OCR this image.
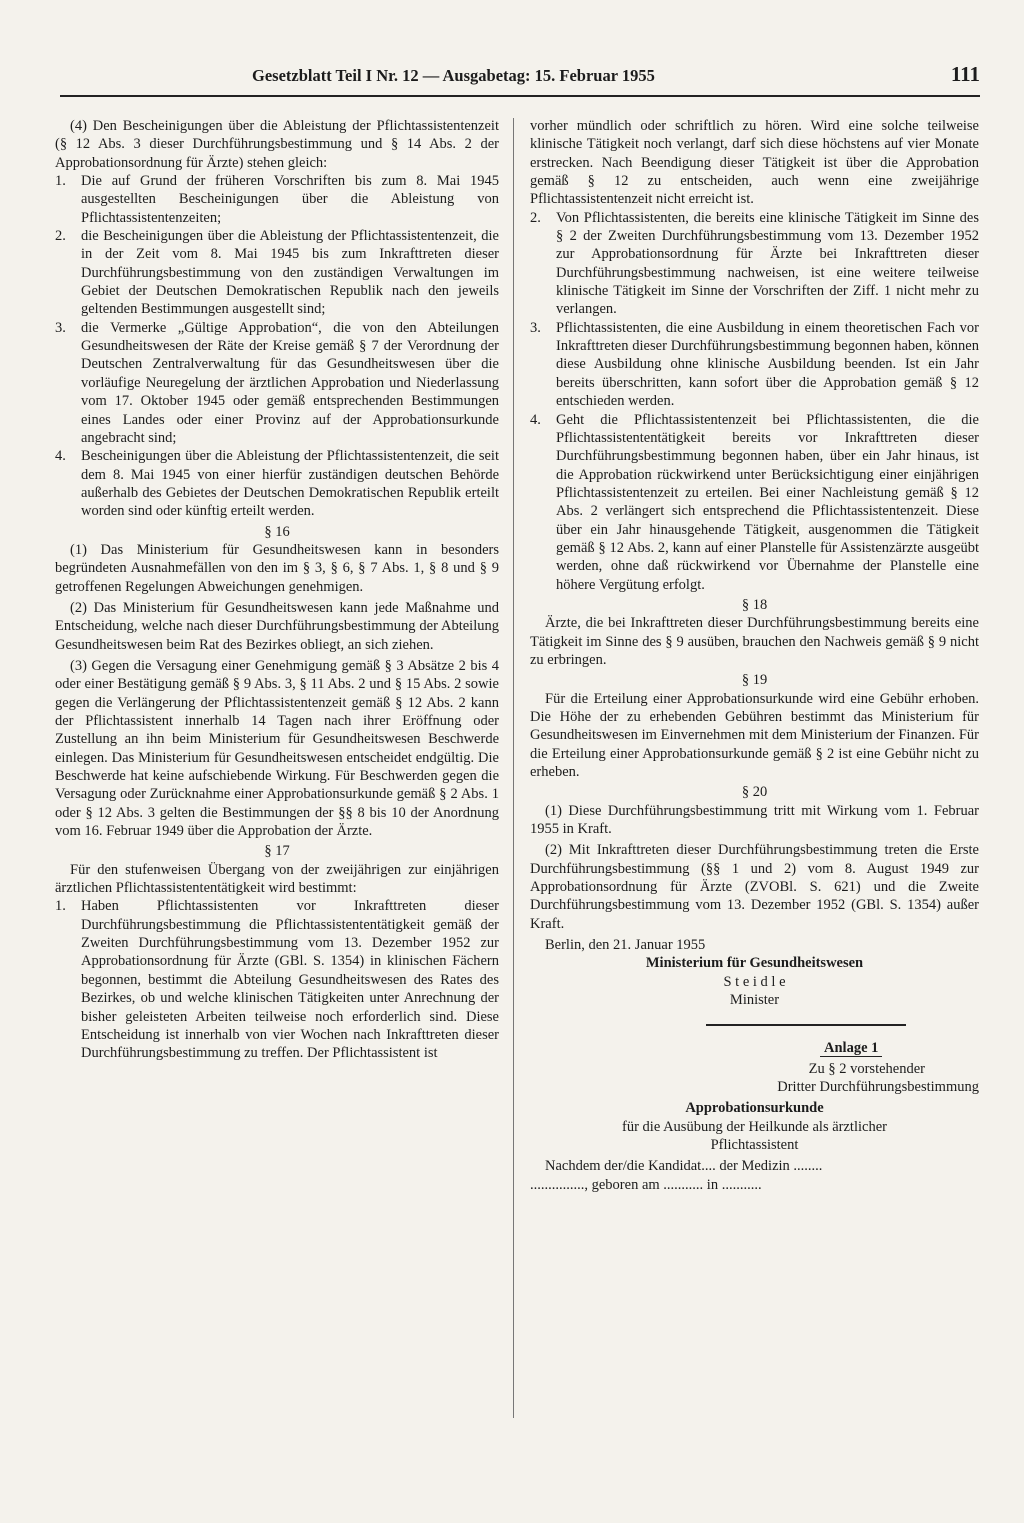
Gesetzblatt Teil I Nr. 12 — Ausgabetag: 15. Februar 1955	111

(4) Den Bescheinigungen über die Ableistung der Pflichtassistentenzeit (§ 12 Abs. 3 dieser Durchführungsbestimmung und § 14 Abs. 2 der Approbationsordnung für Ärzte) stehen gleich:

1. Die auf Grund der früheren Vorschriften bis zum 8. Mai 1945 ausgestellten Bescheinigungen über die Ableistung von Pflichtassistentenzeiten;

2. die Bescheinigungen über die Ableistung der Pflichtassistentenzeit, die in der Zeit vom 8. Mai 1945 bis zum Inkrafttreten dieser Durchführungsbestimmung von den zuständigen Verwaltungen im Gebiet der Deutschen Demokratischen Republik nach den jeweils geltenden Bestimmungen ausgestellt sind;

3. die Vermerke „Gültige Approbation“, die von den Abteilungen Gesundheitswesen der Räte der Kreise gemäß § 7 der Verordnung der Deutschen Zentralverwaltung für das Gesundheitswesen über die vorläufige Neuregelung der ärztlichen Approbation und Niederlassung vom 17. Oktober 1945 oder gemäß entsprechenden Bestimmungen eines Landes oder einer Provinz auf der Approbationsurkunde angebracht sind;

4. Bescheinigungen über die Ableistung der Pflichtassistentenzeit, die seit dem 8. Mai 1945 von einer hierfür zuständigen deutschen Behörde außerhalb des Gebietes der Deutschen Demokratischen Republik erteilt worden sind oder künftig erteilt werden.

§ 16

(1) Das Ministerium für Gesundheitswesen kann in besonders begründeten Ausnahmefällen von den im § 3, § 6, § 7 Abs. 1, § 8 und § 9 getroffenen Regelungen Abweichungen genehmigen.

(2) Das Ministerium für Gesundheitswesen kann jede Maßnahme und Entscheidung, welche nach dieser Durchführungsbestimmung der Abteilung Gesundheitswesen beim Rat des Bezirkes obliegt, an sich ziehen.

(3) Gegen die Versagung einer Genehmigung gemäß § 3 Absätze 2 bis 4 oder einer Bestätigung gemäß § 9 Abs. 3, § 11 Abs. 2 und § 15 Abs. 2 sowie gegen die Verlängerung der Pflichtassistentenzeit gemäß § 12 Abs. 2 kann der Pflichtassistent innerhalb 14 Tagen nach ihrer Eröffnung oder Zustellung an ihn beim Ministerium für Gesundheitswesen Beschwerde einlegen. Das Ministerium für Gesundheitswesen entscheidet endgültig. Die Beschwerde hat keine aufschiebende Wirkung. Für Beschwerden gegen die Versagung oder Zurücknahme einer Approbationsurkunde gemäß § 2 Abs. 1 oder § 12 Abs. 3 gelten die Bestimmungen der §§ 8 bis 10 der Anordnung vom 16. Februar 1949 über die Approbation der Ärzte.

§ 17

Für den stufenweisen Übergang von der zweijährigen zur einjährigen ärztlichen Pflichtassistententätigkeit wird bestimmt:

1. Haben Pflichtassistenten vor Inkrafttreten dieser Durchführungsbestimmung die Pflichtassistententätigkeit gemäß der Zweiten Durchführungsbestimmung vom 13. Dezember 1952 zur Approbationsordnung für Ärzte (GBl. S. 1354) in klinischen Fächern begonnen, bestimmt die Abteilung Gesundheitswesen des Rates des Bezirkes, ob und welche klinischen Tätigkeiten unter Anrechnung der bisher geleisteten Arbeiten teilweise noch erforderlich sind. Diese Entscheidung ist innerhalb von vier Wochen nach Inkrafttreten dieser Durchführungsbestimmung zu treffen. Der Pflichtassistent ist

vorher mündlich oder schriftlich zu hören. Wird eine solche teilweise klinische Tätigkeit noch verlangt, darf sich diese höchstens auf vier Monate erstrecken. Nach Beendigung dieser Tätigkeit ist über die Approbation gemäß § 12 zu entscheiden, auch wenn eine zweijährige Pflichtassistentenzeit nicht erreicht ist.

2. Von Pflichtassistenten, die bereits eine klinische Tätigkeit im Sinne des § 2 der Zweiten Durchführungsbestimmung vom 13. Dezember 1952 zur Approbationsordnung für Ärzte bei Inkrafttreten dieser Durchführungsbestimmung nachweisen, ist eine weitere teilweise klinische Tätigkeit im Sinne der Vorschriften der Ziff. 1 nicht mehr zu verlangen.

3. Pflichtassistenten, die eine Ausbildung in einem theoretischen Fach vor Inkrafttreten dieser Durchführungsbestimmung begonnen haben, können diese Ausbildung ohne klinische Ausbildung beenden. Ist ein Jahr bereits überschritten, kann sofort über die Approbation gemäß § 12 entschieden werden.

4. Geht die Pflichtassistentenzeit bei Pflichtassistenten, die die Pflichtassistententätigkeit bereits vor Inkrafttreten dieser Durchführungsbestimmung begonnen haben, über ein Jahr hinaus, ist die Approbation rückwirkend unter Berücksichtigung einer einjährigen Pflichtassistentenzeit zu erteilen. Bei einer Nachleistung gemäß § 12 Abs. 2 verlängert sich entsprechend die Pflichtassistentenzeit. Diese über ein Jahr hinausgehende Tätigkeit, ausgenommen die Tätigkeit gemäß § 12 Abs. 2, kann auf einer Planstelle für Assistenzärzte ausgeübt werden, ohne daß rückwirkend vor Übernahme der Planstelle eine höhere Vergütung erfolgt.

§ 18

Ärzte, die bei Inkrafttreten dieser Durchführungsbestimmung bereits eine Tätigkeit im Sinne des § 9 ausüben, brauchen den Nachweis gemäß § 9 nicht zu erbringen.

§ 19

Für die Erteilung einer Approbationsurkunde wird eine Gebühr erhoben. Die Höhe der zu erhebenden Gebühren bestimmt das Ministerium für Gesundheitswesen im Einvernehmen mit dem Ministerium der Finanzen. Für die Erteilung einer Approbationsurkunde gemäß § 2 ist eine Gebühr nicht zu erheben.

§ 20

(1) Diese Durchführungsbestimmung tritt mit Wirkung vom 1. Februar 1955 in Kraft.

(2) Mit Inkrafttreten dieser Durchführungsbestimmung treten die Erste Durchführungsbestimmung (§§ 1 und 2) vom 8. August 1949 zur Approbationsordnung für Ärzte (ZVOBl. S. 621) und die Zweite Durchführungsbestimmung vom 13. Dezember 1952 (GBl. S. 1354) außer Kraft.

Berlin, den 21. Januar 1955

Ministerium für Gesundheitswesen

S t e i d l e

Minister

Anlage 1

Zu § 2 vorstehender

Dritter Durchführungsbestimmung

Approbationsurkunde

für die Ausübung der Heilkunde als ärztlicher

Pflichtassistent

Nachdem der/die Kandidat.... der Medizin ........

..............., geboren am ........... in ...........
